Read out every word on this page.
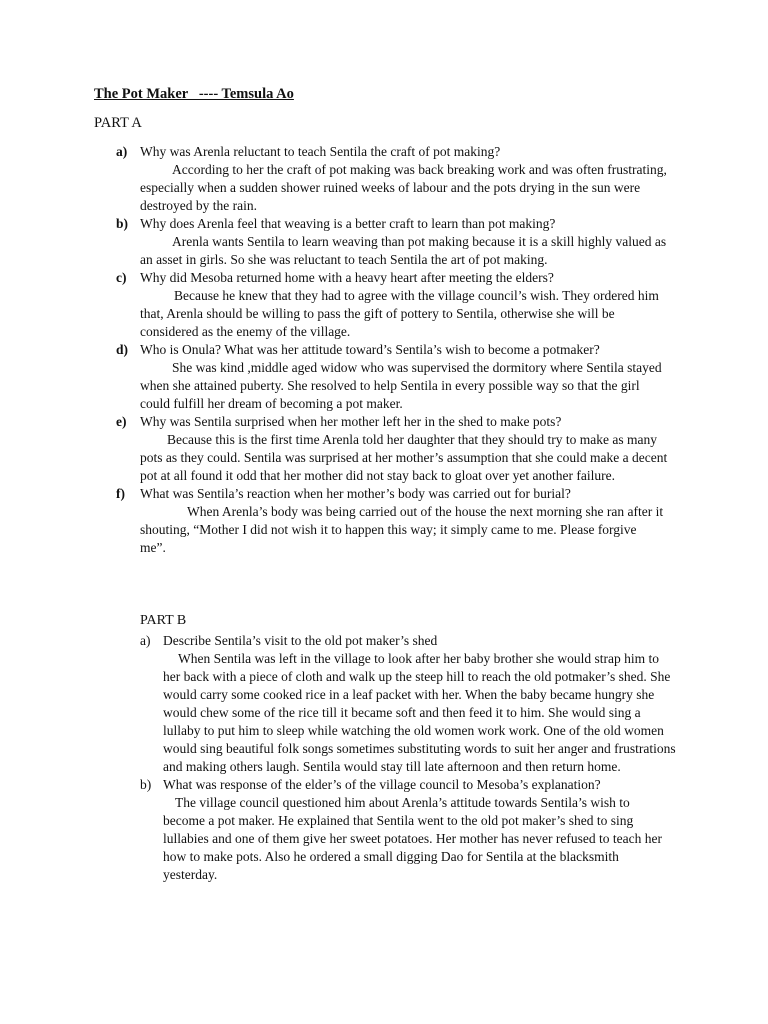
The Pot Maker   ---- Temsula Ao
PART A
a) Why was Arenla reluctant to teach Sentila the craft of pot making?
According to her the craft of pot making was back breaking work and was often frustrating, especially when a sudden shower ruined weeks of labour and the pots drying in the sun were destroyed by the rain.
b) Why does Arenla feel that weaving is a better craft to learn than pot making?
Arenla wants Sentila to learn weaving than pot making because it is a skill highly valued as an asset in girls. So she was reluctant to teach Sentila the art of pot making.
c) Why did Mesoba returned home with a heavy heart after meeting the elders?
Because he knew that they had to agree with the village council’s wish. They ordered him that, Arenla should be willing to pass the gift of pottery to Sentila, otherwise she will be considered as the enemy of the village.
d) Who is Onula? What was her attitude toward’s Sentila’s wish to become a potmaker?
She was kind ,middle aged widow who was supervised the dormitory where Sentila stayed when she attained puberty. She resolved to help Sentila in every possible way so that the girl could fulfill her dream of becoming a pot maker.
e) Why was Sentila surprised when her mother left her in the shed to make pots?
Because this is the first time Arenla told her daughter that they should try to make as many pots as they could. Sentila was surprised at her mother’s assumption that she could make a decent pot at all found it odd that her mother did not stay back to gloat over yet another failure.
f) What was Sentila’s reaction when her mother’s body was carried out for burial?
When Arenla’s body was being carried out of the house the next morning she ran after it shouting, “Mother I did not wish it to happen this way; it simply came to me. Please forgive me”.
PART B
a) Describe Sentila’s visit to the old pot maker’s shed
When Sentila was left in the village to look after her baby brother she would strap him to her back with a piece of cloth and walk up the steep hill to reach the old potmaker’s shed. She would carry some cooked rice in a leaf packet with her. When the baby became hungry she would chew some of the rice till it became soft and then feed it to him. She would sing a lullaby to put him to sleep while watching the old women work work. One of the old women would sing beautiful folk songs sometimes substituting words to suit her anger and frustrations and making others laugh. Sentila would stay till late afternoon and then return home.
b) What was response of the elder’s of the village council to Mesoba’s explanation?
The village council questioned him about Arenla’s attitude towards Sentila’s wish to become a pot maker. He explained that Sentila went to the old pot maker’s shed to sing lullabies and one of them give her sweet potatoes. Her mother has never refused to teach her how to make pots. Also he ordered a small digging Dao for Sentila at the blacksmith yesterday.
